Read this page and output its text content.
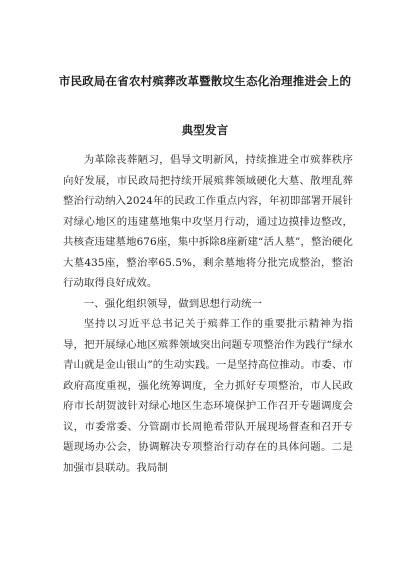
市民政局在省农村殡葬改革暨散坟生态化治理推进会上的
典型发言

为革除丧葬陋习，倡导文明新风，持续推进全市殡葬秩序向好发展，市民政局把持续开展殡葬领域硬化大墓、散埋乱葬整治行动纳入2024年的民政工作重点内容，年初即部署开展针对绿心地区的违建墓地集中攻坚月行动，通过边摸排边整改，共核查违建墓地676座，集中拆除8座新建“活人墓”，整治硬化大墓435座，整治率65.5%，剩余墓地将分批完成整治，整治行动取得良好成效。

一、强化组织领导，做到思想行动统一

坚持以习近平总书记关于殡葬工作的重要批示精神为指导，把开展绿心地区殡葬领域突出问题专项整治作为践行“绿水青山就是金山银山”的生动实践。一是坚持高位推动。市委、市政府高度重视，强化统筹调度，全力抓好专项整治，市人民政府市长胡贺波针对绿心地区生态环境保护工作召开专题调度会议，市委常委、分管副市长周艳希带队开展现场督查和召开专题现场办公会，协调解决专项整治行动存在的具体问题。二是加强市县联动。我局制
